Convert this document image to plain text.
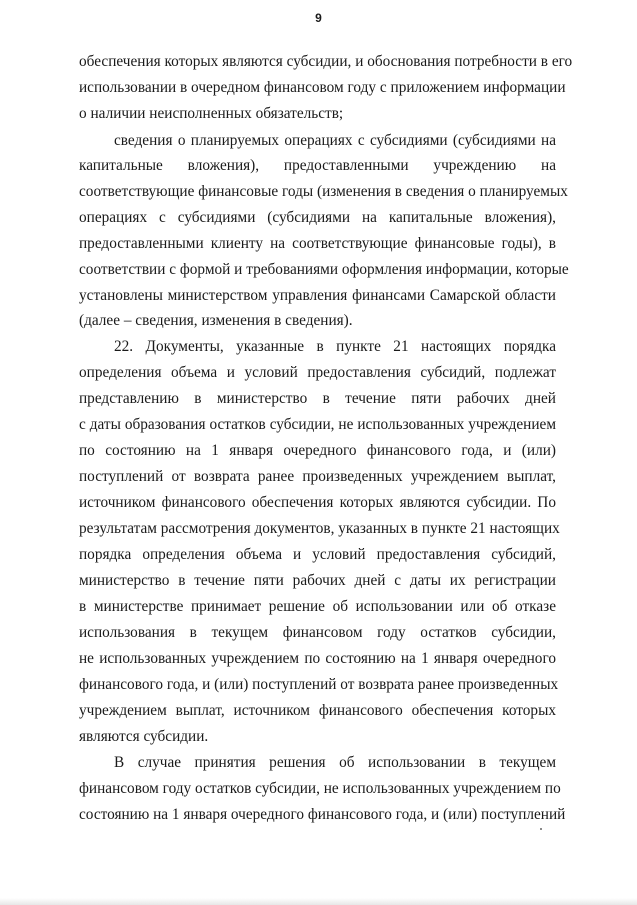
9
обеспечения которых являются субсидии, и обоснования потребности в его
использовании в очередном финансовом году с приложением информации
о наличии неисполненных обязательств;
сведения о планируемых операциях с субсидиями (субсидиями на
капитальные вложения), предоставленными учреждению на
соответствующие финансовые годы (изменения в сведения о планируемых
операциях с субсидиями (субсидиями на капитальные вложения),
предоставленными клиенту на соответствующие финансовые годы), в
соответствии с формой и требованиями оформления информации, которые
установлены министерством управления финансами Самарской области
(далее – сведения, изменения в сведения).
22. Документы, указанные в пункте 21 настоящих порядка
определения объема и условий предоставления субсидий, подлежат
представлению в министерство в течение пяти рабочих дней
с даты образования остатков субсидии, не использованных учреждением
по состоянию на 1 января очередного финансового года, и (или)
поступлений от возврата ранее произведенных учреждением выплат,
источником финансового обеспечения которых являются субсидии. По
результатам рассмотрения документов, указанных в пункте 21 настоящих
порядка определения объема и условий предоставления субсидий,
министерство в течение пяти рабочих дней с даты их регистрации
в министерстве принимает решение об использовании или об отказе
использования в текущем финансовом году остатков субсидии,
не использованных учреждением по состоянию на 1 января очередного
финансового года, и (или) поступлений от возврата ранее произведенных
учреждением выплат, источником финансового обеспечения которых
являются субсидии.
В случае принятия решения об использовании в текущем
финансовом году остатков субсидии, не использованных учреждением по
состоянию на 1 января очередного финансового года, и (или) поступлений
